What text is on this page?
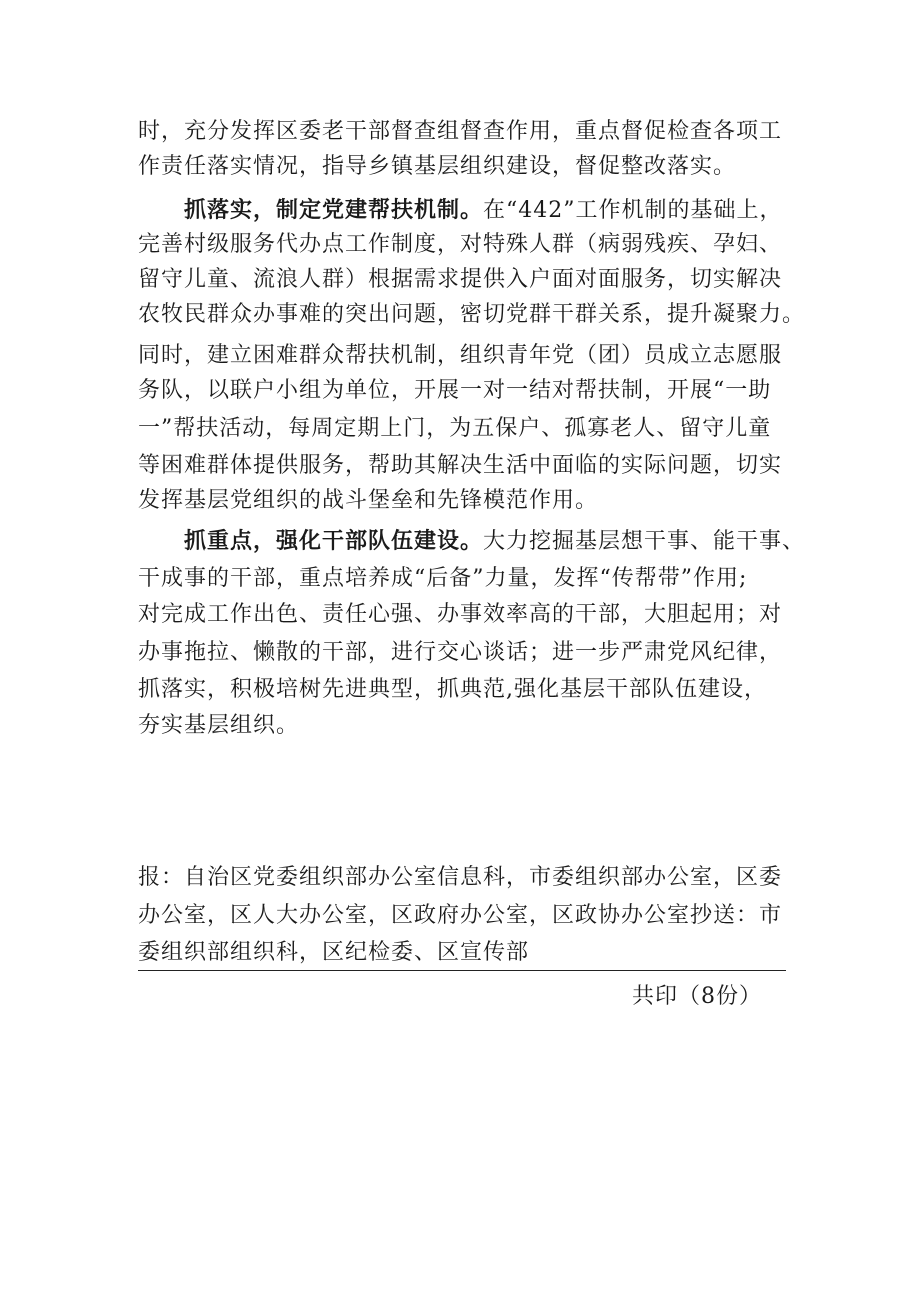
时，充分发挥区委老干部督查组督查作用，重点督促检查各项工
作责任落实情况，指导乡镇基层组织建设，督促整改落实。
抓落实，制定党建帮扶机制。在“442”工作机制的基础上，
完善村级服务代办点工作制度，对特殊人群（病弱残疾、孕妇、
留守儿童、流浪人群）根据需求提供入户面对面服务，切实解决
农牧民群众办事难的突出问题，密切党群干群关系，提升凝聚力。
同时，建立困难群众帮扶机制，组织青年党（团）员成立志愿服
务队，以联户小组为单位，开展一对一结对帮扶制，开展“一助
一”帮扶活动，每周定期上门，为五保户、孤寡老人、留守儿童
等困难群体提供服务，帮助其解决生活中面临的实际问题，切实
发挥基层党组织的战斗堡垒和先锋模范作用。
抓重点，强化干部队伍建设。大力挖掘基层想干事、能干事、
干成事的干部，重点培养成“后备”力量，发挥“传帮带”作用;
对完成工作出色、责任心强、办事效率高的干部，大胆起用；对
办事拖拉、懒散的干部，进行交心谈话；进一步严肃党风纪律，
抓落实，积极培树先进典型，抓典范,强化基层干部队伍建设，
夯实基层组织。
报：自治区党委组织部办公室信息科，市委组织部办公室，区委
办公室，区人大办公室，区政府办公室，区政协办公室抄送：市
委组织部组织科，区纪检委、区宣传部
共印（8份）
